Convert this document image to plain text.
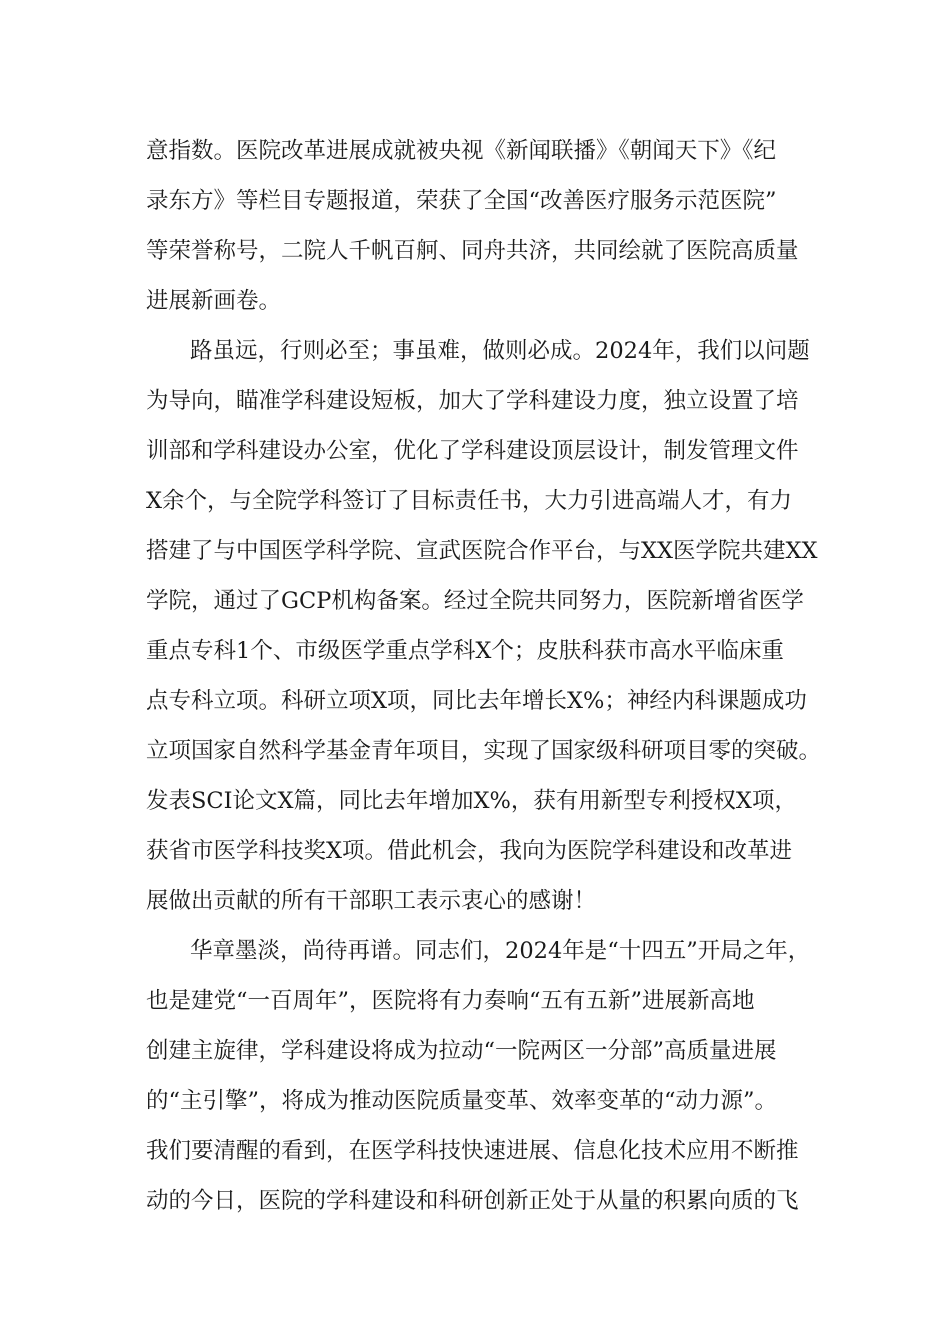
意指数。医院改革进展成就被央视《新闻联播》《朝闻天下》《纪
录东方》等栏目专题报道，荣获了全国“改善医疗服务示范医院”
等荣誉称号，二院人千帆百舸、同舟共济，共同绘就了医院高质量
进展新画卷。
路虽远，行则必至；事虽难，做则必成。2024年，我们以问题
为导向，瞄准学科建设短板，加大了学科建设力度，独立设置了培
训部和学科建设办公室，优化了学科建设顶层设计，制发管理文件
X余个，与全院学科签订了目标责任书，大力引进高端人才，有力
搭建了与中国医学科学院、宣武医院合作平台，与XX医学院共建XX
学院，通过了GCP机构备案。经过全院共同努力，医院新增省医学
重点专科1个、市级医学重点学科X个；皮肤科获市高水平临床重
点专科立项。科研立项X项，同比去年增长X%；神经内科课题成功
立项国家自然科学基金青年项目，实现了国家级科研项目零的突破。
发表SCI论文X篇，同比去年增加X%，获有用新型专利授权X项，
获省市医学科技奖X项。借此机会，我向为医院学科建设和改革进
展做出贡献的所有干部职工表示衷心的感谢！
华章墨淡，尚待再谱。同志们，2024年是“十四五”开局之年，
也是建党“一百周年”，医院将有力奏响“五有五新”进展新高地
创建主旋律，学科建设将成为拉动“一院两区一分部”高质量进展
的“主引擎”，将成为推动医院质量变革、效率变革的“动力源”。
我们要清醒的看到，在医学科技快速进展、信息化技术应用不断推
动的今日，医院的学科建设和科研创新正处于从量的积累向质的飞
